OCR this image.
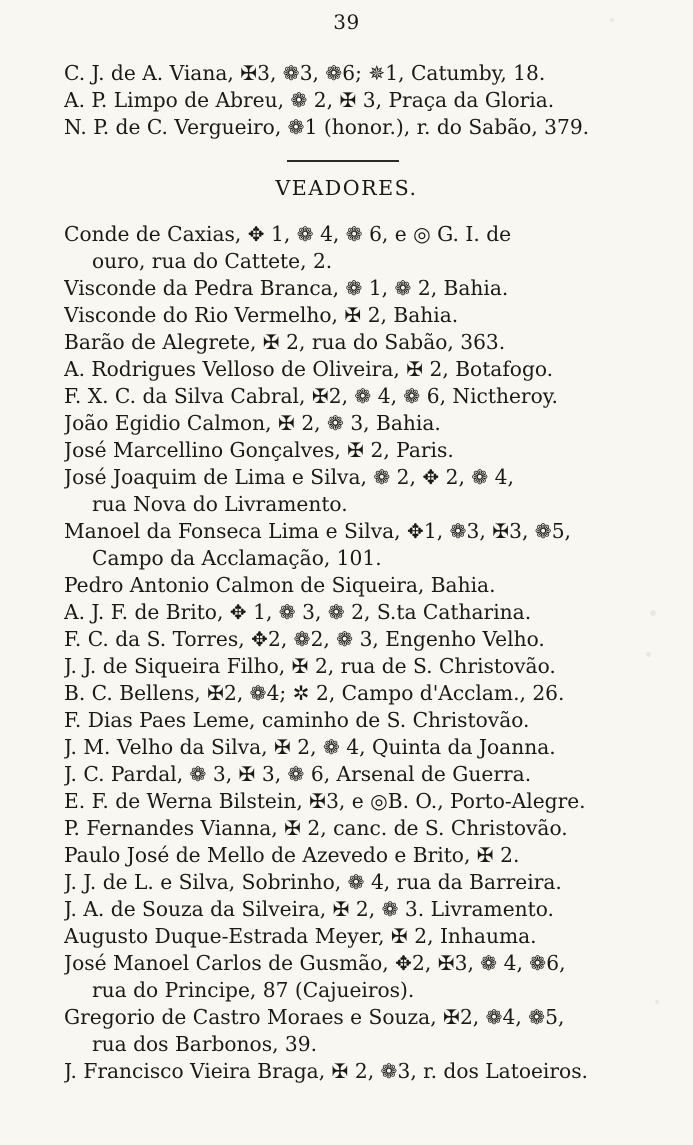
39
C. J. de A. Viana, ✠3, ❁3, ❁6; ✵1, Catumby, 18.
A. P. Limpo de Abreu, ❁ 2, ✠ 3, Praça da Gloria.
N. P. de C. Vergueiro, ❁1 (honor.), r. do Sabão, 379.
VEADORES.
Conde de Caxias, ✥ 1, ❁ 4, ❁ 6, e ◎ G. I. de
ouro, rua do Cattete, 2.
Visconde da Pedra Branca, ❁ 1, ❁ 2, Bahia.
Visconde do Rio Vermelho, ✠ 2, Bahia.
Barão de Alegrete, ✠ 2, rua do Sabão, 363.
A. Rodrigues Velloso de Oliveira, ✠ 2, Botafogo.
F. X. C. da Silva Cabral, ✠2, ❁ 4, ❁ 6, Nictheroy.
João Egidio Calmon, ✠ 2, ❁ 3, Bahia.
José Marcellino Gonçalves, ✠ 2, Paris.
José Joaquim de Lima e Silva, ❁ 2, ✥ 2, ❁ 4,
rua Nova do Livramento.
Manoel da Fonseca Lima e Silva, ✥1, ❁3, ✠3, ❁5,
Campo da Acclamação, 101.
Pedro Antonio Calmon de Siqueira, Bahia.
A. J. F. de Brito, ✥ 1, ❁ 3, ❁ 2, S.ta Catharina.
F. C. da S. Torres, ✥2, ❁2, ❁ 3, Engenho Velho.
J. J. de Siqueira Filho, ✠ 2, rua de S. Christovão.
B. C. Bellens, ✠2, ❁4; ✲ 2, Campo d'Acclam., 26.
F. Dias Paes Leme, caminho de S. Christovão.
J. M. Velho da Silva, ✠ 2, ❁ 4, Quinta da Joanna.
J. C. Pardal, ❁ 3, ✠ 3, ❁ 6, Arsenal de Guerra.
E. F. de Werna Bilstein, ✠3, e ◎B. O., Porto-Alegre.
P. Fernandes Vianna, ✠ 2, canc. de S. Christovão.
Paulo José de Mello de Azevedo e Brito, ✠ 2.
J. J. de L. e Silva, Sobrinho, ❁ 4, rua da Barreira.
J. A. de Souza da Silveira, ✠ 2, ❁ 3. Livramento.
Augusto Duque-Estrada Meyer, ✠ 2, Inhauma.
José Manoel Carlos de Gusmão, ✥2, ✠3, ❁ 4, ❁6,
rua do Principe, 87 (Cajueiros).
Gregorio de Castro Moraes e Souza, ✠2, ❁4, ❁5,
rua dos Barbonos, 39.
J. Francisco Vieira Braga, ✠ 2, ❁3, r. dos Latoeiros.
